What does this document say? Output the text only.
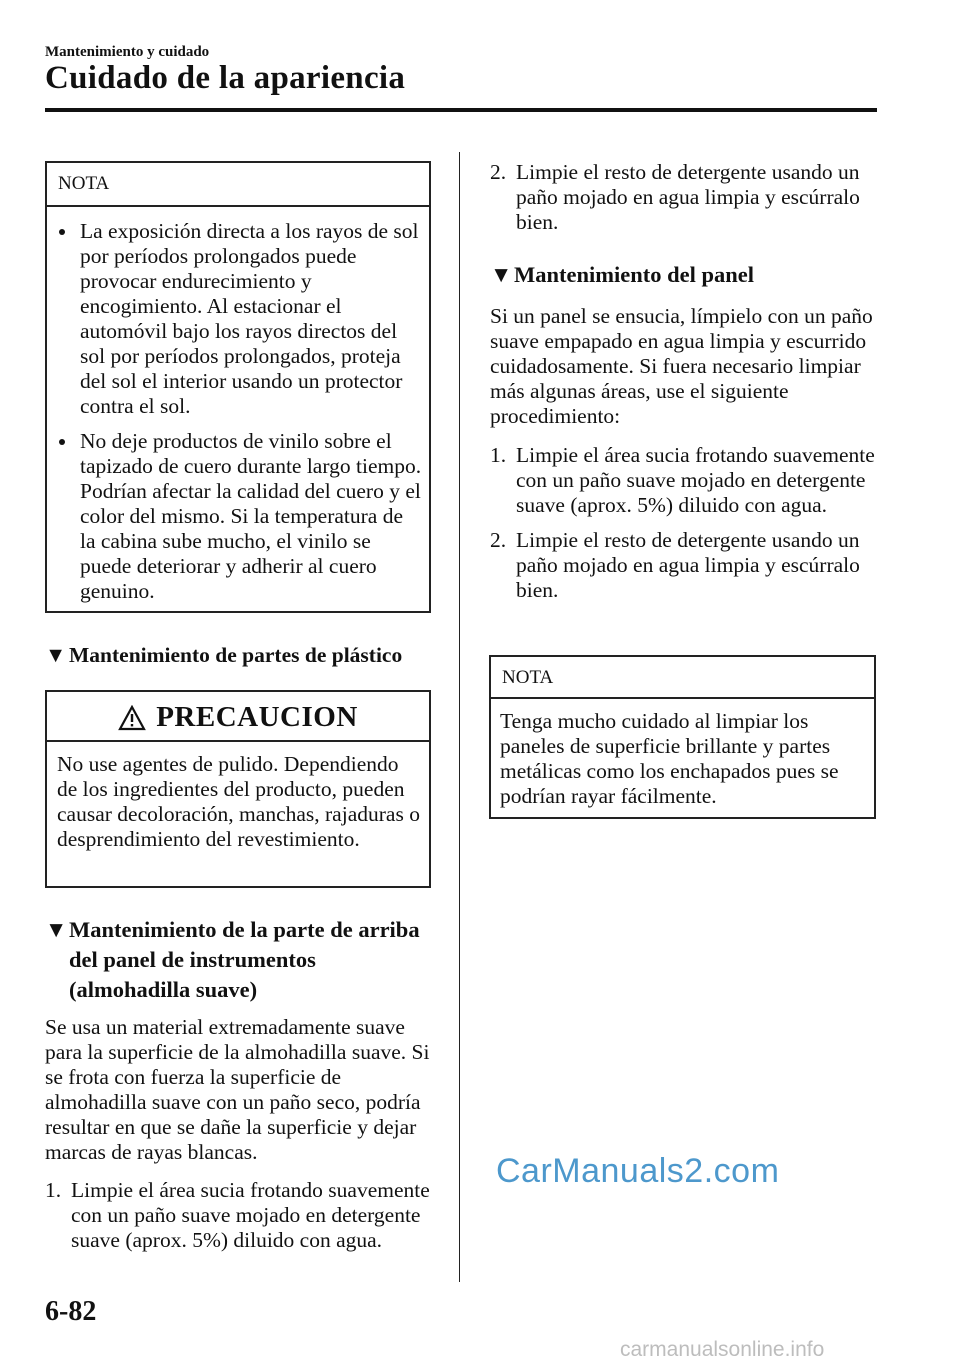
Mantenimiento y cuidado
Cuidado de la apariencia
NOTA
La exposición directa a los rayos de sol por períodos prolongados puede provocar endurecimiento y encogimiento. Al estacionar el automóvil bajo los rayos directos del sol por períodos prolongados, proteja del sol el interior usando un protector contra el sol.
No deje productos de vinilo sobre el tapizado de cuero durante largo tiempo. Podrían afectar la calidad del cuero y el color del mismo. Si la temperatura de la cabina sube mucho, el vinilo se puede deteriorar y adherir al cuero genuino.
▼ Mantenimiento de partes de plástico
PRECAUCION
No use agentes de pulido. Dependiendo de los ingredientes del producto, pueden causar decoloración, manchas, rajaduras o desprendimiento del revestimiento.
▼ Mantenimiento de la parte de arriba del panel de instrumentos (almohadilla suave)
Se usa un material extremadamente suave para la superficie de la almohadilla suave. Si se frota con fuerza la superficie de almohadilla suave con un paño seco, podría resultar en que se dañe la superficie y dejar marcas de rayas blancas.
1. Limpie el área sucia frotando suavemente con un paño suave mojado en detergente suave (aprox. 5%) diluido con agua.
2. Limpie el resto de detergente usando un paño mojado en agua limpia y escúrralo bien.
▼ Mantenimiento del panel
Si un panel se ensucia, límpielo con un paño suave empapado en agua limpia y escurrido cuidadosamente. Si fuera necesario limpiar más algunas áreas, use el siguiente procedimiento:
1. Limpie el área sucia frotando suavemente con un paño suave mojado en detergente suave (aprox. 5%) diluido con agua.
2. Limpie el resto de detergente usando un paño mojado en agua limpia y escúrralo bien.
NOTA
Tenga mucho cuidado al limpiar los paneles de superficie brillante y partes metálicas como los enchapados pues se podrían rayar fácilmente.
CarManuals2.com
6-82
carmanualsonline.info
